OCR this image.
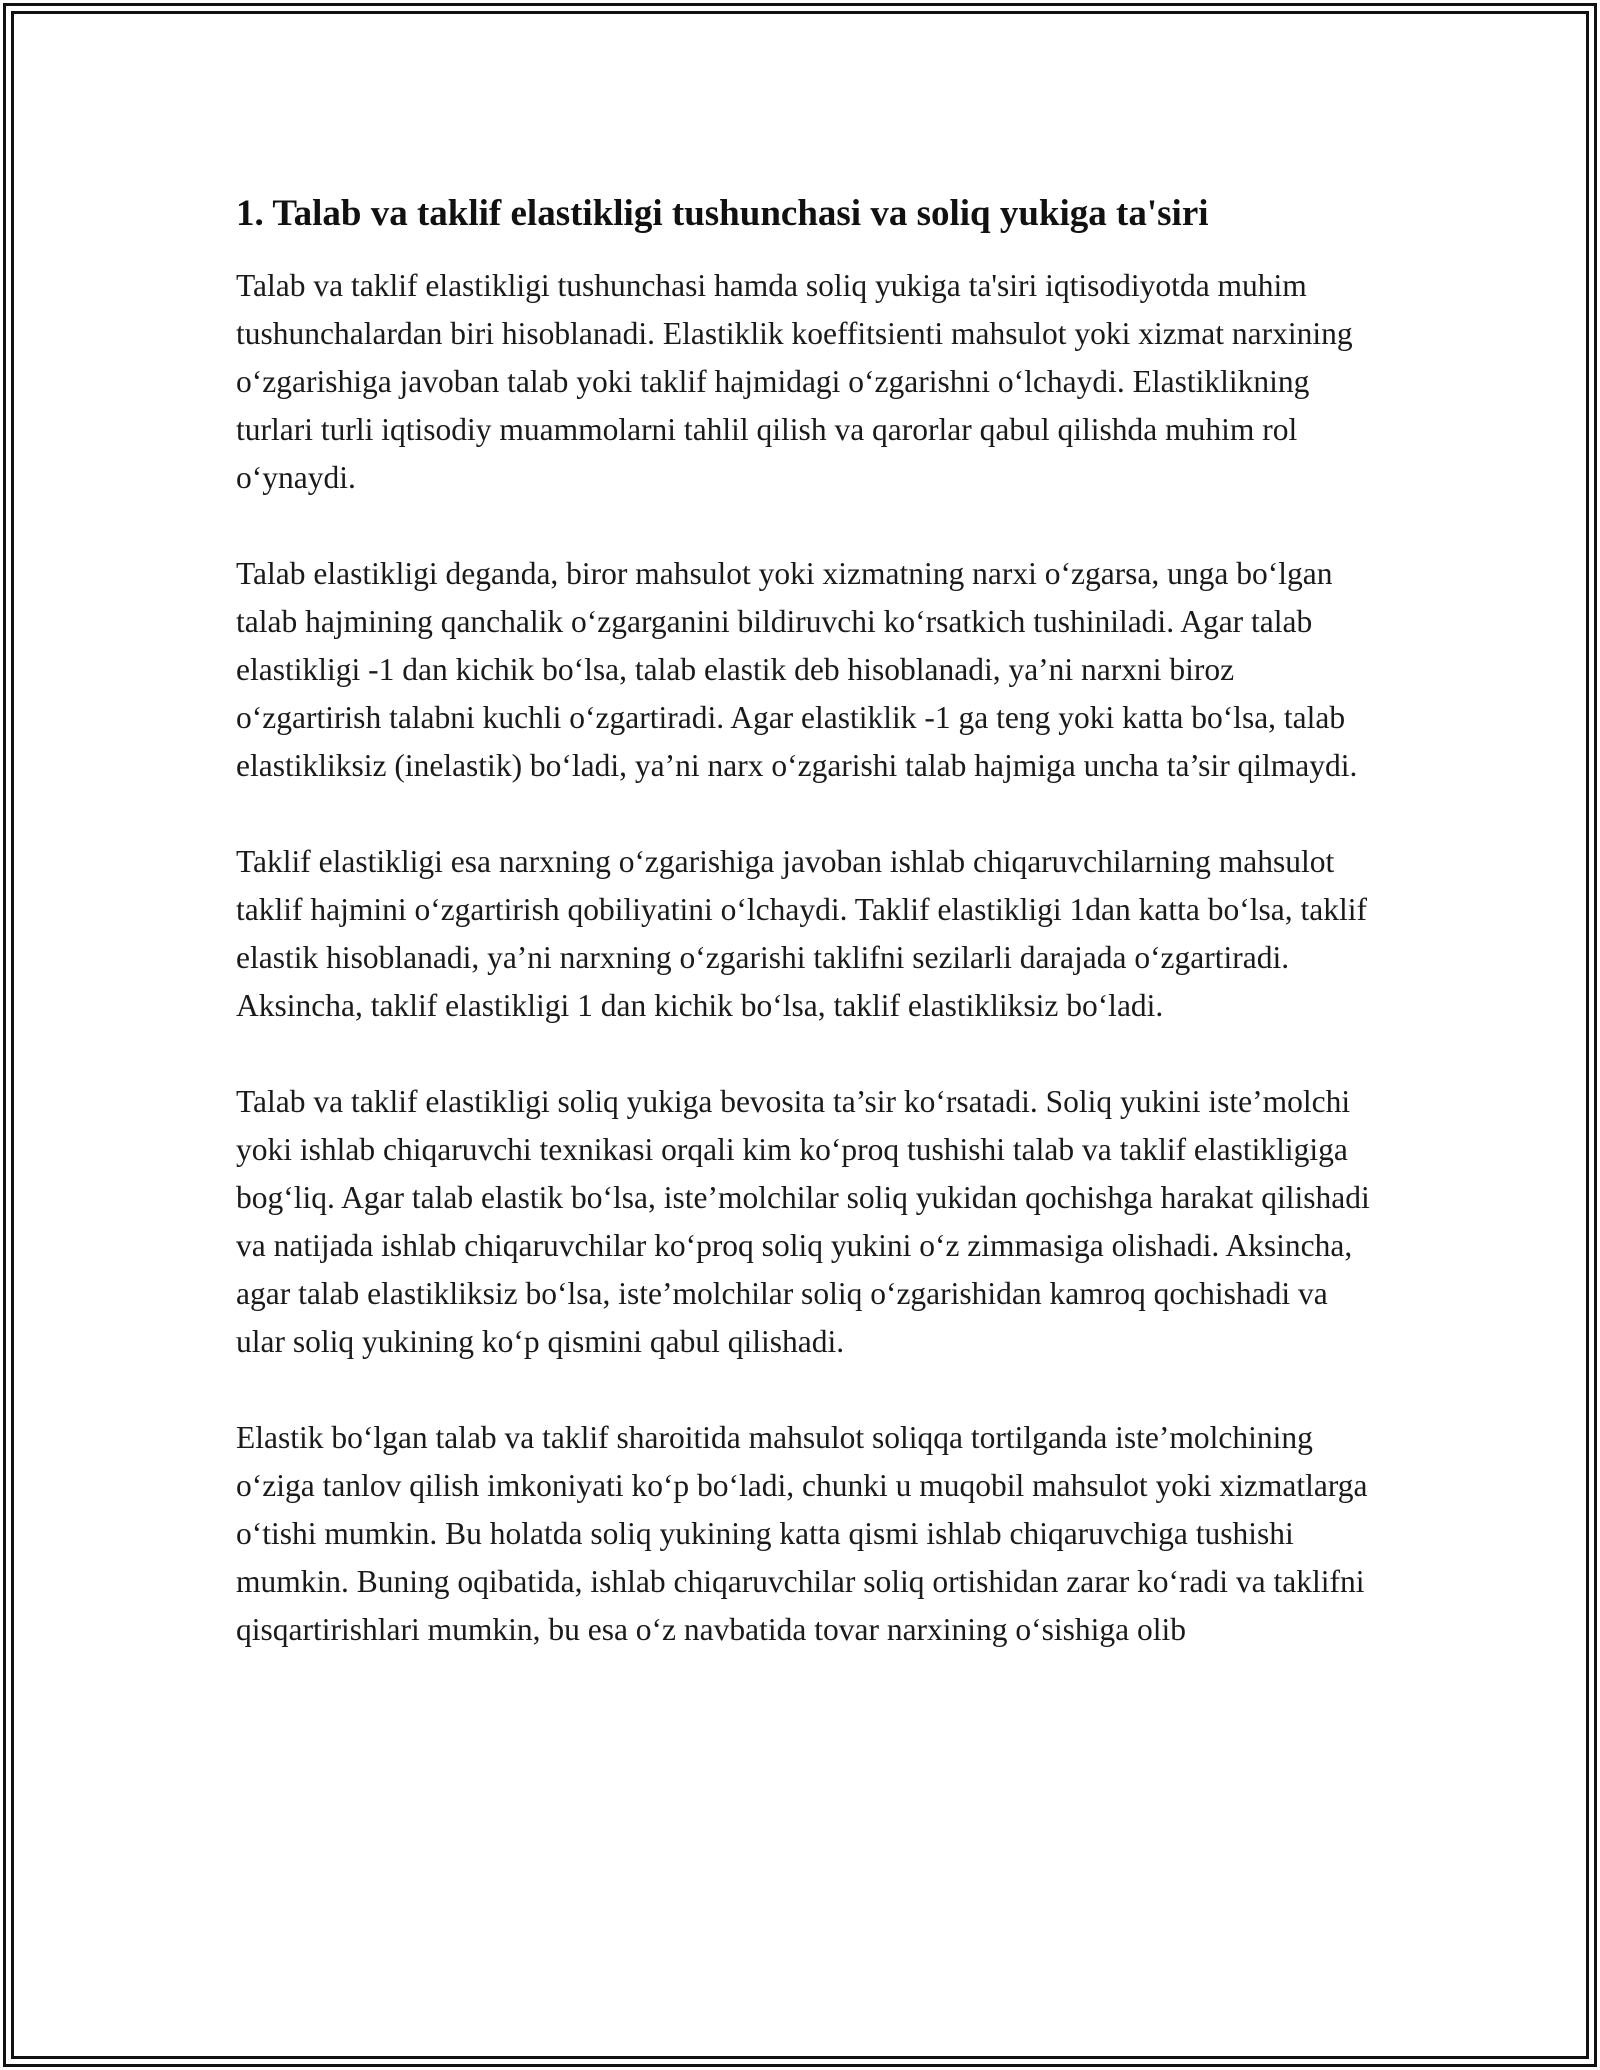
1. Talab va taklif elastikligi tushunchasi va soliq yukiga ta'siri

Talab va taklif elastikligi tushunchasi hamda soliq yukiga ta'siri iqtisodiyotda muhim tushunchalardan biri hisoblanadi. Elastiklik koeffitsienti mahsulot yoki xizmat narxining o‘zgarishiga javoban talab yoki taklif hajmidagi o‘zgarishni o‘lchaydi. Elastiklikning turlari turli iqtisodiy muammolarni tahlil qilish va qarorlar qabul qilishda muhim rol o‘ynaydi.

Talab elastikligi deganda, biror mahsulot yoki xizmatning narxi o‘zgarsa, unga bo‘lgan talab hajmining qanchalik o‘zgarganini bildiruvchi ko‘rsatkich tushiniladi. Agar talab elastikligi -1 dan kichik bo‘lsa, talab elastik deb hisoblanadi, ya’ni narxni biroz o‘zgartirish talabni kuchli o‘zgartiradi. Agar elastiklik -1 ga teng yoki katta bo‘lsa, talab elastikliksiz (inelastik) bo‘ladi, ya’ni narx o‘zgarishi talab hajmiga uncha ta’sir qilmaydi.

Taklif elastikligi esa narxning o‘zgarishiga javoban ishlab chiqaruvchilarning mahsulot taklif hajmini o‘zgartirish qobiliyatini o‘lchaydi. Taklif elastikligi 1dan katta bo‘lsa, taklif elastik hisoblanadi, ya’ni narxning o‘zgarishi taklifni sezilarli darajada o‘zgartiradi. Aksincha, taklif elastikligi 1 dan kichik bo‘lsa, taklif elastikliksiz bo‘ladi.

Talab va taklif elastikligi soliq yukiga bevosita ta’sir ko‘rsatadi. Soliq yukini iste’molchi yoki ishlab chiqaruvchi texnikasi orqali kim ko‘proq tushishi talab va taklif elastikligiga bog‘liq. Agar talab elastik bo‘lsa, iste’molchilar soliq yukidan qochishga harakat qilishadi va natijada ishlab chiqaruvchilar ko‘proq soliq yukini o‘z zimmasiga olishadi. Aksincha, agar talab elastikliksiz bo‘lsa, iste’molchilar soliq o‘zgarishidan kamroq qochishadi va ular soliq yukining ko‘p qismini qabul qilishadi.

Elastik bo‘lgan talab va taklif sharoitida mahsulot soliqqa tortilganda iste’molchining o‘ziga tanlov qilish imkoniyati ko‘p bo‘ladi, chunki u muqobil mahsulot yoki xizmatlarga o‘tishi mumkin. Bu holatda soliq yukining katta qismi ishlab chiqaruvchiga tushishi mumkin. Buning oqibatida, ishlab chiqaruvchilar soliq ortishidan zarar ko‘radi va taklifni qisqartirishlari mumkin, bu esa o‘z navbatida tovar narxining o‘sishiga olib
